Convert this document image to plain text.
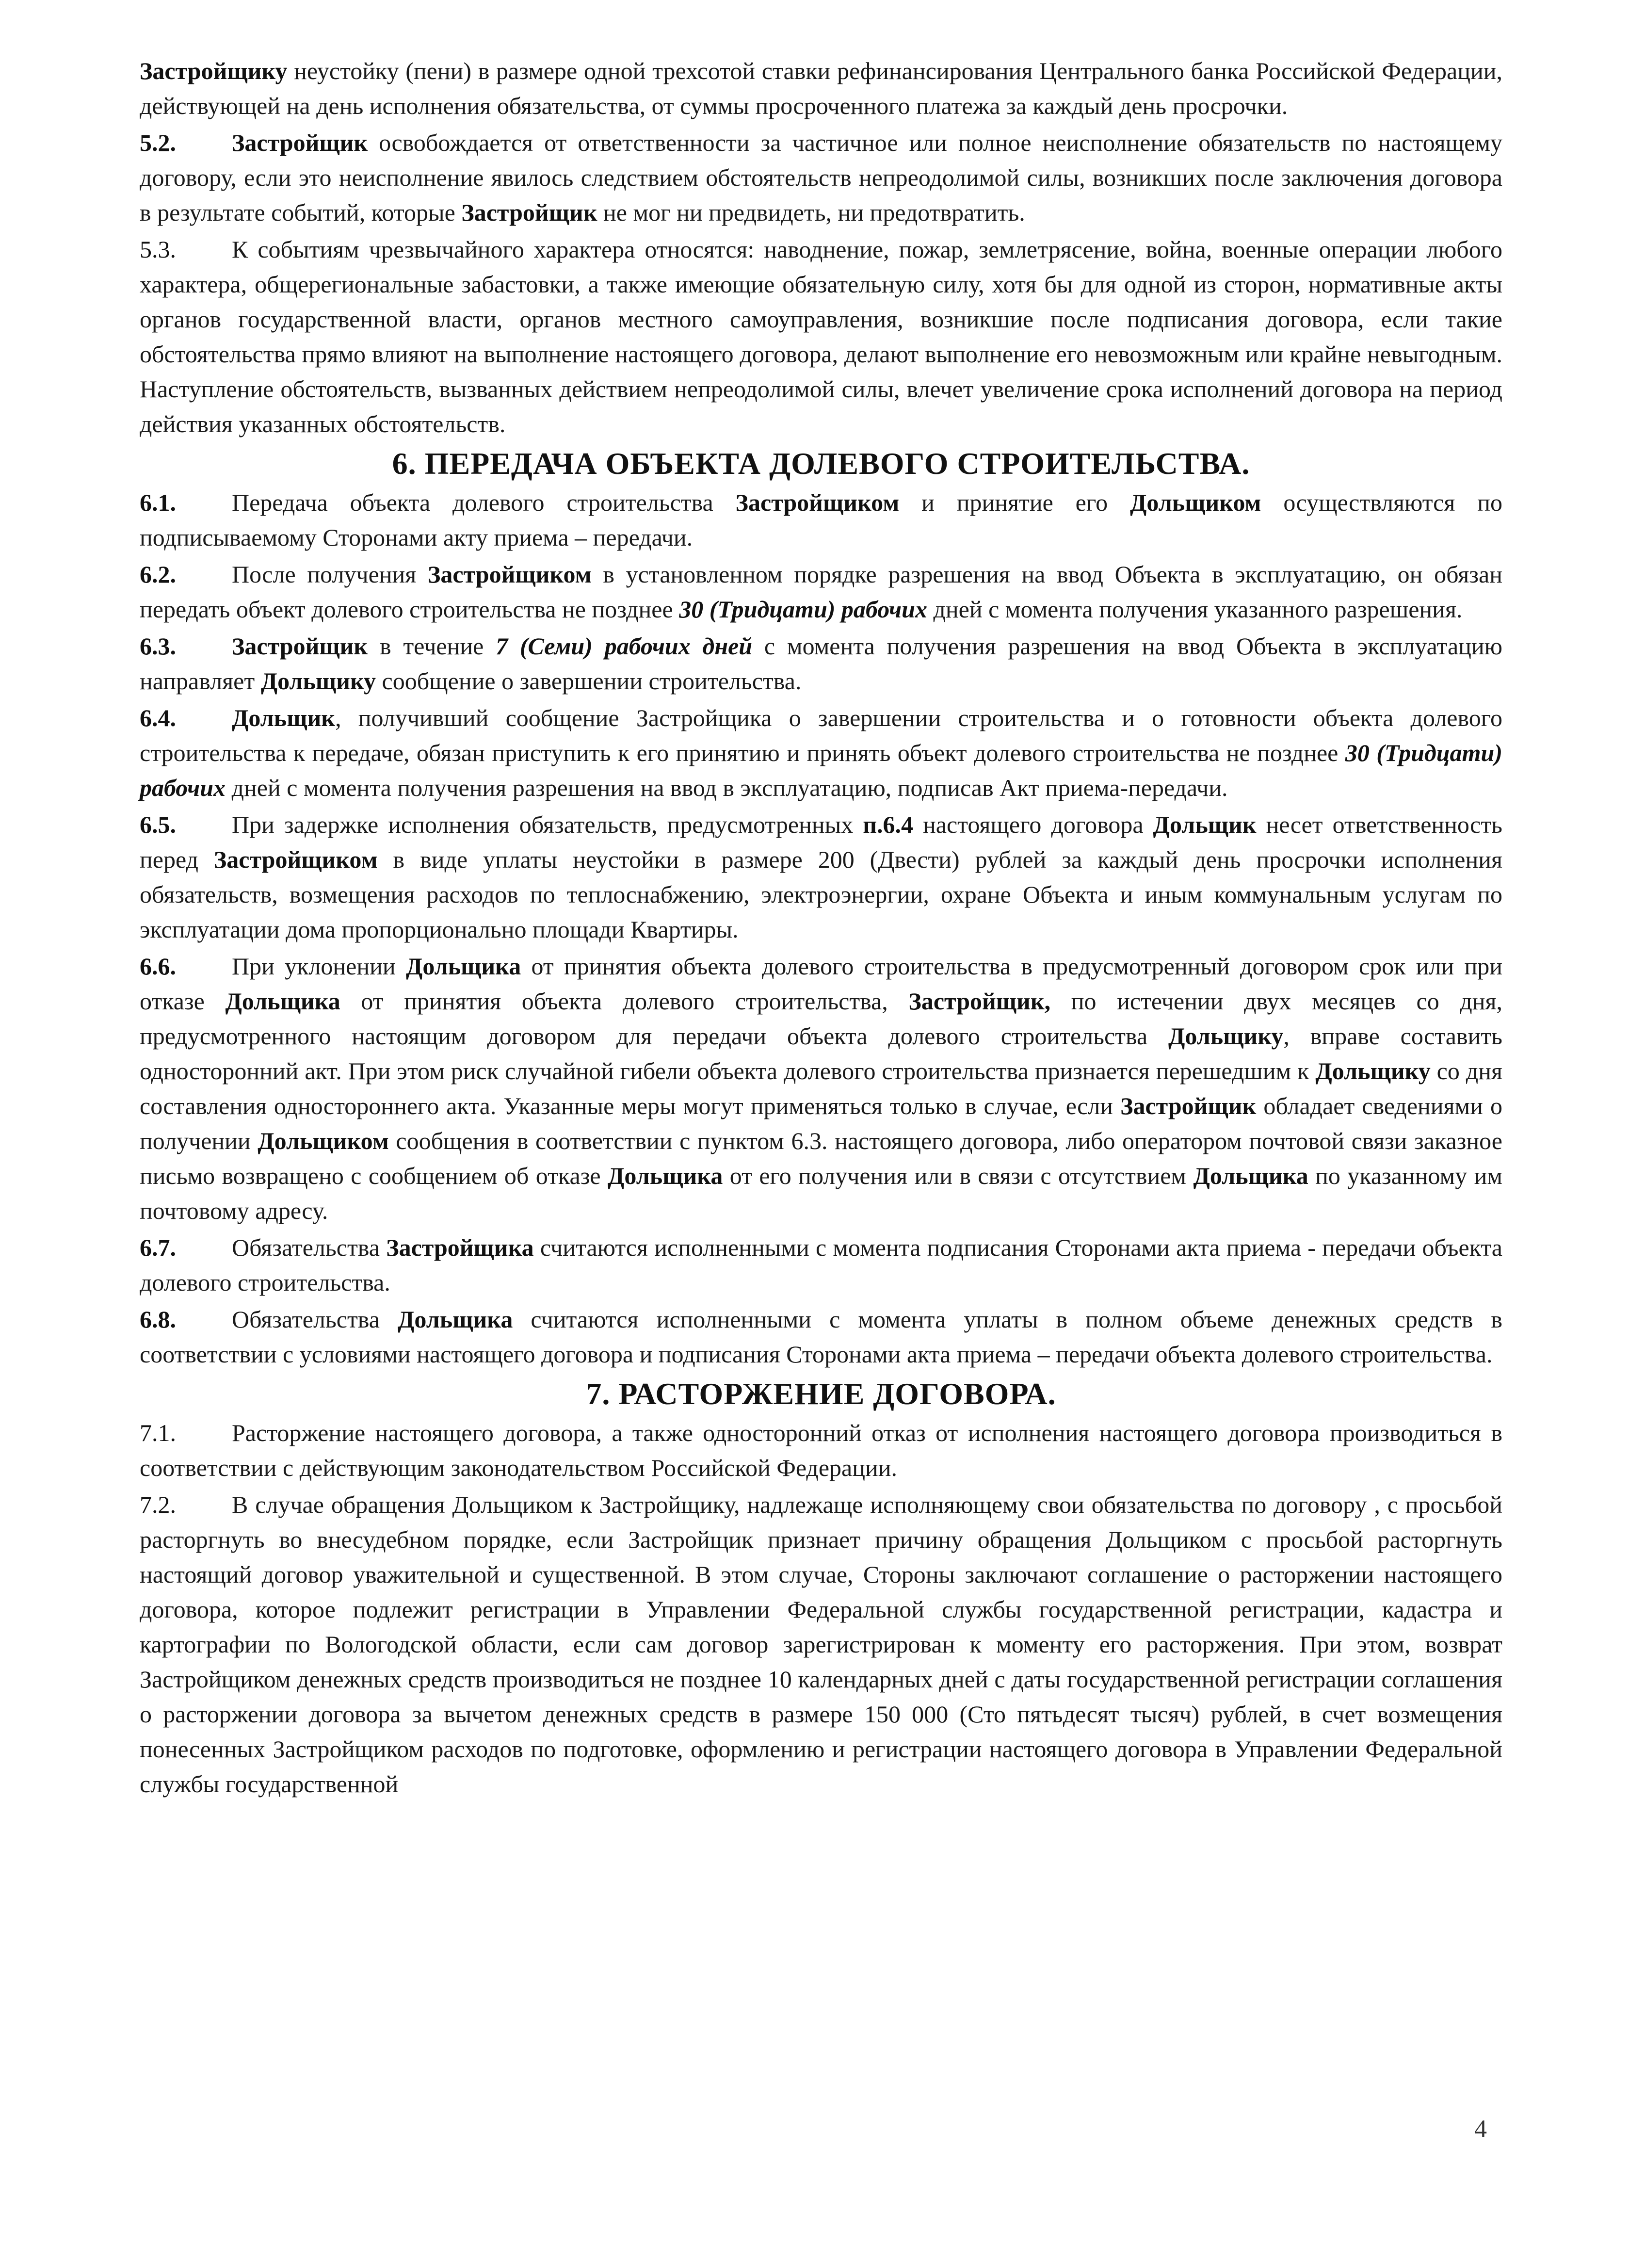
Застройщику неустойку (пени) в размере одной трехсотой ставки рефинансирования Центрального банка Российской Федерации, действующей на день исполнения обязательства, от суммы просроченного платежа за каждый день просрочки.

5.2. Застройщик освобождается от ответственности за частичное или полное неисполнение обязательств по настоящему договору, если это неисполнение явилось следствием обстоятельств непреодолимой силы, возникших после заключения договора в результате событий, которые Застройщик не мог ни предвидеть, ни предотвратить.

5.3. К событиям чрезвычайного характера относятся: наводнение, пожар, землетрясение, война, военные операции любого характера, общерегиональные забастовки, а также имеющие обязательную силу, хотя бы для одной из сторон, нормативные акты органов государственной власти, органов местного самоуправления, возникшие после подписания договора, если такие обстоятельства прямо влияют на выполнение настоящего договора, делают выполнение его невозможным или крайне невыгодным. Наступление обстоятельств, вызванных действием непреодолимой силы, влечет увеличение срока исполнений договора на период действия указанных обстоятельств.

6. ПЕРЕДАЧА ОБЪЕКТА ДОЛЕВОГО СТРОИТЕЛЬСТВА.

6.1. Передача объекта долевого строительства Застройщиком и принятие его Дольщиком осуществляются по подписываемому Сторонами акту приема – передачи.

6.2. После получения Застройщиком в установленном порядке разрешения на ввод Объекта в эксплуатацию, он обязан передать объект долевого строительства не позднее 30 (Тридцати) рабочих дней с момента получения указанного разрешения.

6.3. Застройщик в течение 7 (Семи) рабочих дней с момента получения разрешения на ввод Объекта в эксплуатацию направляет Дольщику сообщение о завершении строительства.

6.4. Дольщик, получивший сообщение Застройщика о завершении строительства и о готовности объекта долевого строительства к передаче, обязан приступить к его принятию и принять объект долевого строительства не позднее 30 (Тридцати) рабочих дней с момента получения разрешения на ввод в эксплуатацию, подписав Акт приема-передачи.

6.5. При задержке исполнения обязательств, предусмотренных п.6.4 настоящего договора Дольщик несет ответственность перед Застройщиком в виде уплаты неустойки в размере 200 (Двести) рублей за каждый день просрочки исполнения обязательств, возмещения расходов по теплоснабжению, электроэнергии, охране Объекта и иным коммунальным услугам по эксплуатации дома пропорционально площади Квартиры.

6.6. При уклонении Дольщика от принятия объекта долевого строительства в предусмотренный договором срок или при отказе Дольщика от принятия объекта долевого строительства, Застройщик, по истечении двух месяцев со дня, предусмотренного настоящим договором для передачи объекта долевого строительства Дольщику, вправе составить односторонний акт. При этом риск случайной гибели объекта долевого строительства признается перешедшим к Дольщику со дня составления одностороннего акта. Указанные меры могут применяться только в случае, если Застройщик обладает сведениями о получении Дольщиком сообщения в соответствии с пунктом 6.3. настоящего договора, либо оператором почтовой связи заказное письмо возвращено с сообщением об отказе Дольщика от его получения или в связи с отсутствием Дольщика по указанному им почтовому адресу.

6.7. Обязательства Застройщика считаются исполненными с момента подписания Сторонами акта приема - передачи объекта долевого строительства.

6.8. Обязательства Дольщика считаются исполненными с момента уплаты в полном объеме денежных средств в соответствии с условиями настоящего договора и подписания Сторонами акта приема – передачи объекта долевого строительства.

7. РАСТОРЖЕНИЕ ДОГОВОРА.

7.1. Расторжение настоящего договора, а также односторонний отказ от исполнения настоящего договора производиться в соответствии с действующим законодательством Российской Федерации.

7.2. В случае обращения Дольщиком к Застройщику, надлежаще исполняющему свои обязательства по договору , с просьбой расторгнуть во внесудебном порядке, если Застройщик признает причину обращения Дольщиком с просьбой расторгнуть настоящий договор уважительной и существенной. В этом случае, Стороны заключают соглашение о расторжении настоящего договора, которое подлежит регистрации в Управлении Федеральной службы государственной регистрации, кадастра и картографии по Вологодской области, если сам договор зарегистрирован к моменту его расторжения. При этом, возврат Застройщиком денежных средств производиться не позднее 10 календарных дней с даты государственной регистрации соглашения о расторжении договора за вычетом денежных средств в размере 150 000 (Сто пятьдесят тысяч) рублей, в счет возмещения понесенных Застройщиком расходов по подготовке, оформлению и регистрации настоящего договора в Управлении Федеральной службы государственной

4
